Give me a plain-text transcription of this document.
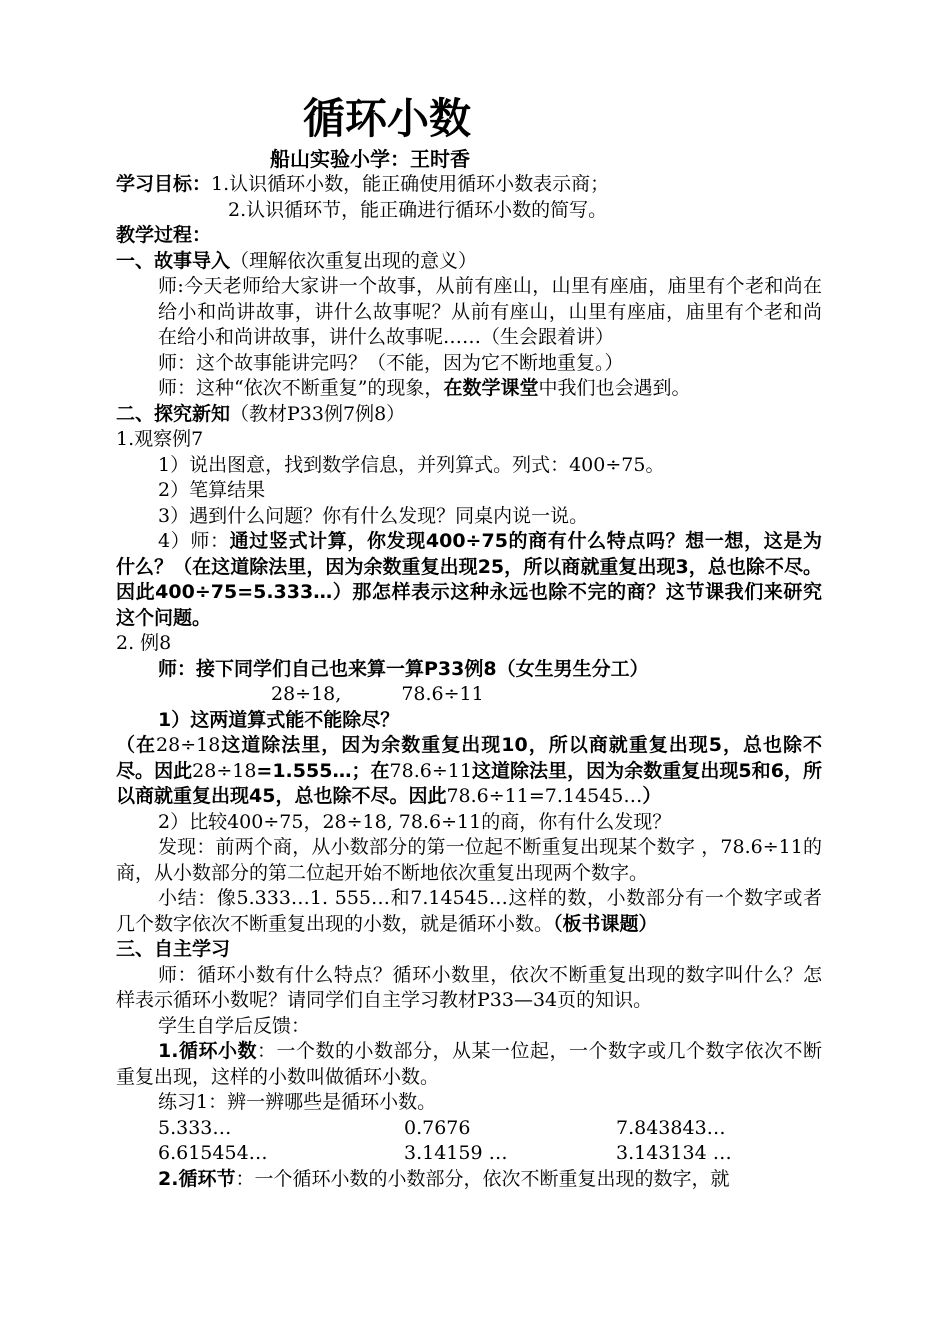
循环小数
船山实验小学：王时香
学习目标：1.认识循环小数，能正确使用循环小数表示商；
2.认识循环节，能正确进行循环小数的简写。
教学过程：
一、故事导入（理解依次重复出现的意义）
师:今天老师给大家讲一个故事，从前有座山，山里有座庙，庙里有个老和尚在给小和尚讲故事，讲什么故事呢？从前有座山，山里有座庙，庙里有个老和尚在给小和尚讲故事，讲什么故事呢……（生会跟着讲）
师：这个故事能讲完吗？（不能，因为它不断地重复。）
师：这种“依次不断重复”的现象，在数学课堂中我们也会遇到。
二、探究新知（教材P33例7例8）
1.观察例7
1）说出图意，找到数学信息，并列算式。列式：400÷75。
2）笔算结果
3）遇到什么问题？你有什么发现？同桌内说一说。
4）师：通过竖式计算，你发现400÷75的商有什么特点吗？想一想，这是为什么？（在这道除法里，因为余数重复出现25，所以商就重复出现3，总也除不尽。因此400÷75=5.333…）那怎样表示这种永远也除不完的商？这节课我们来研究这个问题。
2. 例8
师：接下同学们自己也来算一算P33例8（女生男生分工）
28÷18,	78.6÷11
1）这两道算式能不能除尽？
（在28÷18这道除法里，因为余数重复出现10，所以商就重复出现5，总也除不尽。因此28÷18=1.555…；在78.6÷11这道除法里，因为余数重复出现5和6，所以商就重复出现45，总也除不尽。因此78.6÷11=7.14545…）
2）比较400÷75，28÷18, 78.6÷11的商，你有什么发现？
发现：前两个商，从小数部分的第一位起不断重复出现某个数字 ，78.6÷11的商，从小数部分的第二位起开始不断地依次重复出现两个数字。
小结：像5.333…1. 555…和7.14545…这样的数，小数部分有一个数字或者几个数字依次不断重复出现的小数，就是循环小数。（板书课题）
三、自主学习
师：循环小数有什么特点？循环小数里，依次不断重复出现的数字叫什么？怎样表示循环小数呢？请同学们自主学习教材P33—34页的知识。
学生自学后反馈：
1.循环小数：一个数的小数部分，从某一位起，一个数字或几个数字依次不断重复出现，这样的小数叫做循环小数。
练习1：辨一辨哪些是循环小数。
5.333…	0.7676	7.843843…
6.615454…	3.14159 …	3.143134 …
2.循环节：一个循环小数的小数部分，依次不断重复出现的数字，就
